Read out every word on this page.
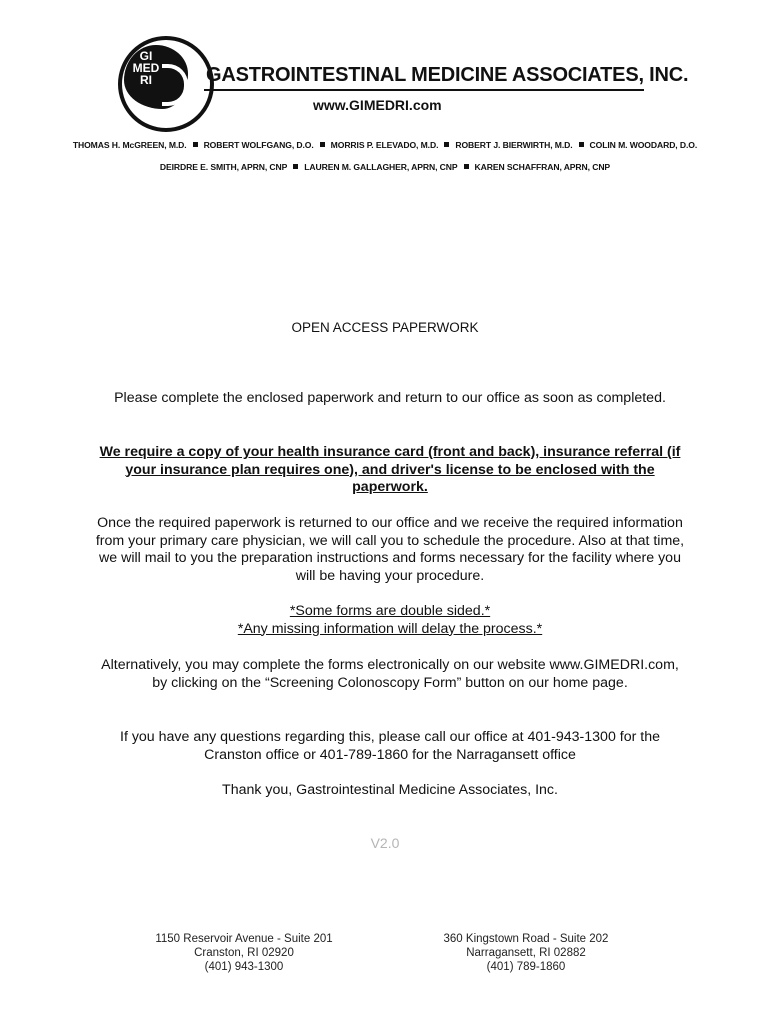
GI
MED
RI	GASTROINTESTINAL MEDICINE ASSOCIATES, INC.
www.GIMEDRI.com
THOMAS H. McGREEN, M.D. ROBERT WOLFGANG, D.O. MORRIS P. ELEVADO, M.D. ROBERT J. BIERWIRTH, M.D. COLIN M. WOODARD, D.O.
DEIRDRE E. SMITH, APRN, CNP LAUREN M. GALLAGHER, APRN, CNP KAREN SCHAFFRAN, APRN, CNP
OPEN ACCESS PAPERWORK
Please complete the enclosed paperwork and return to our office as soon as completed.
We require a copy of your health insurance card (front and back), insurance referral (if your insurance plan requires one), and driver's license to be enclosed with the paperwork.
Once the required paperwork is returned to our office and we receive the required information from your primary care physician, we will call you to schedule the procedure. Also at that time, we will mail to you the preparation instructions and forms necessary for the facility where you will be having your procedure.
*Some forms are double sided.*
*Any missing information will delay the process.*
Alternatively, you may complete the forms electronically on our website www.GIMEDRI.com, by clicking on the “Screening Colonoscopy Form” button on our home page.
If you have any questions regarding this, please call our office at 401-943-1300 for the Cranston office or 401-789-1860 for the Narragansett office
Thank you, Gastrointestinal Medicine Associates, Inc.
V2.0
1150 Reservoir Avenue - Suite 201
Cranston, RI 02920
(401) 943-1300
360 Kingstown Road - Suite 202
Narragansett, RI 02882
(401) 789-1860
